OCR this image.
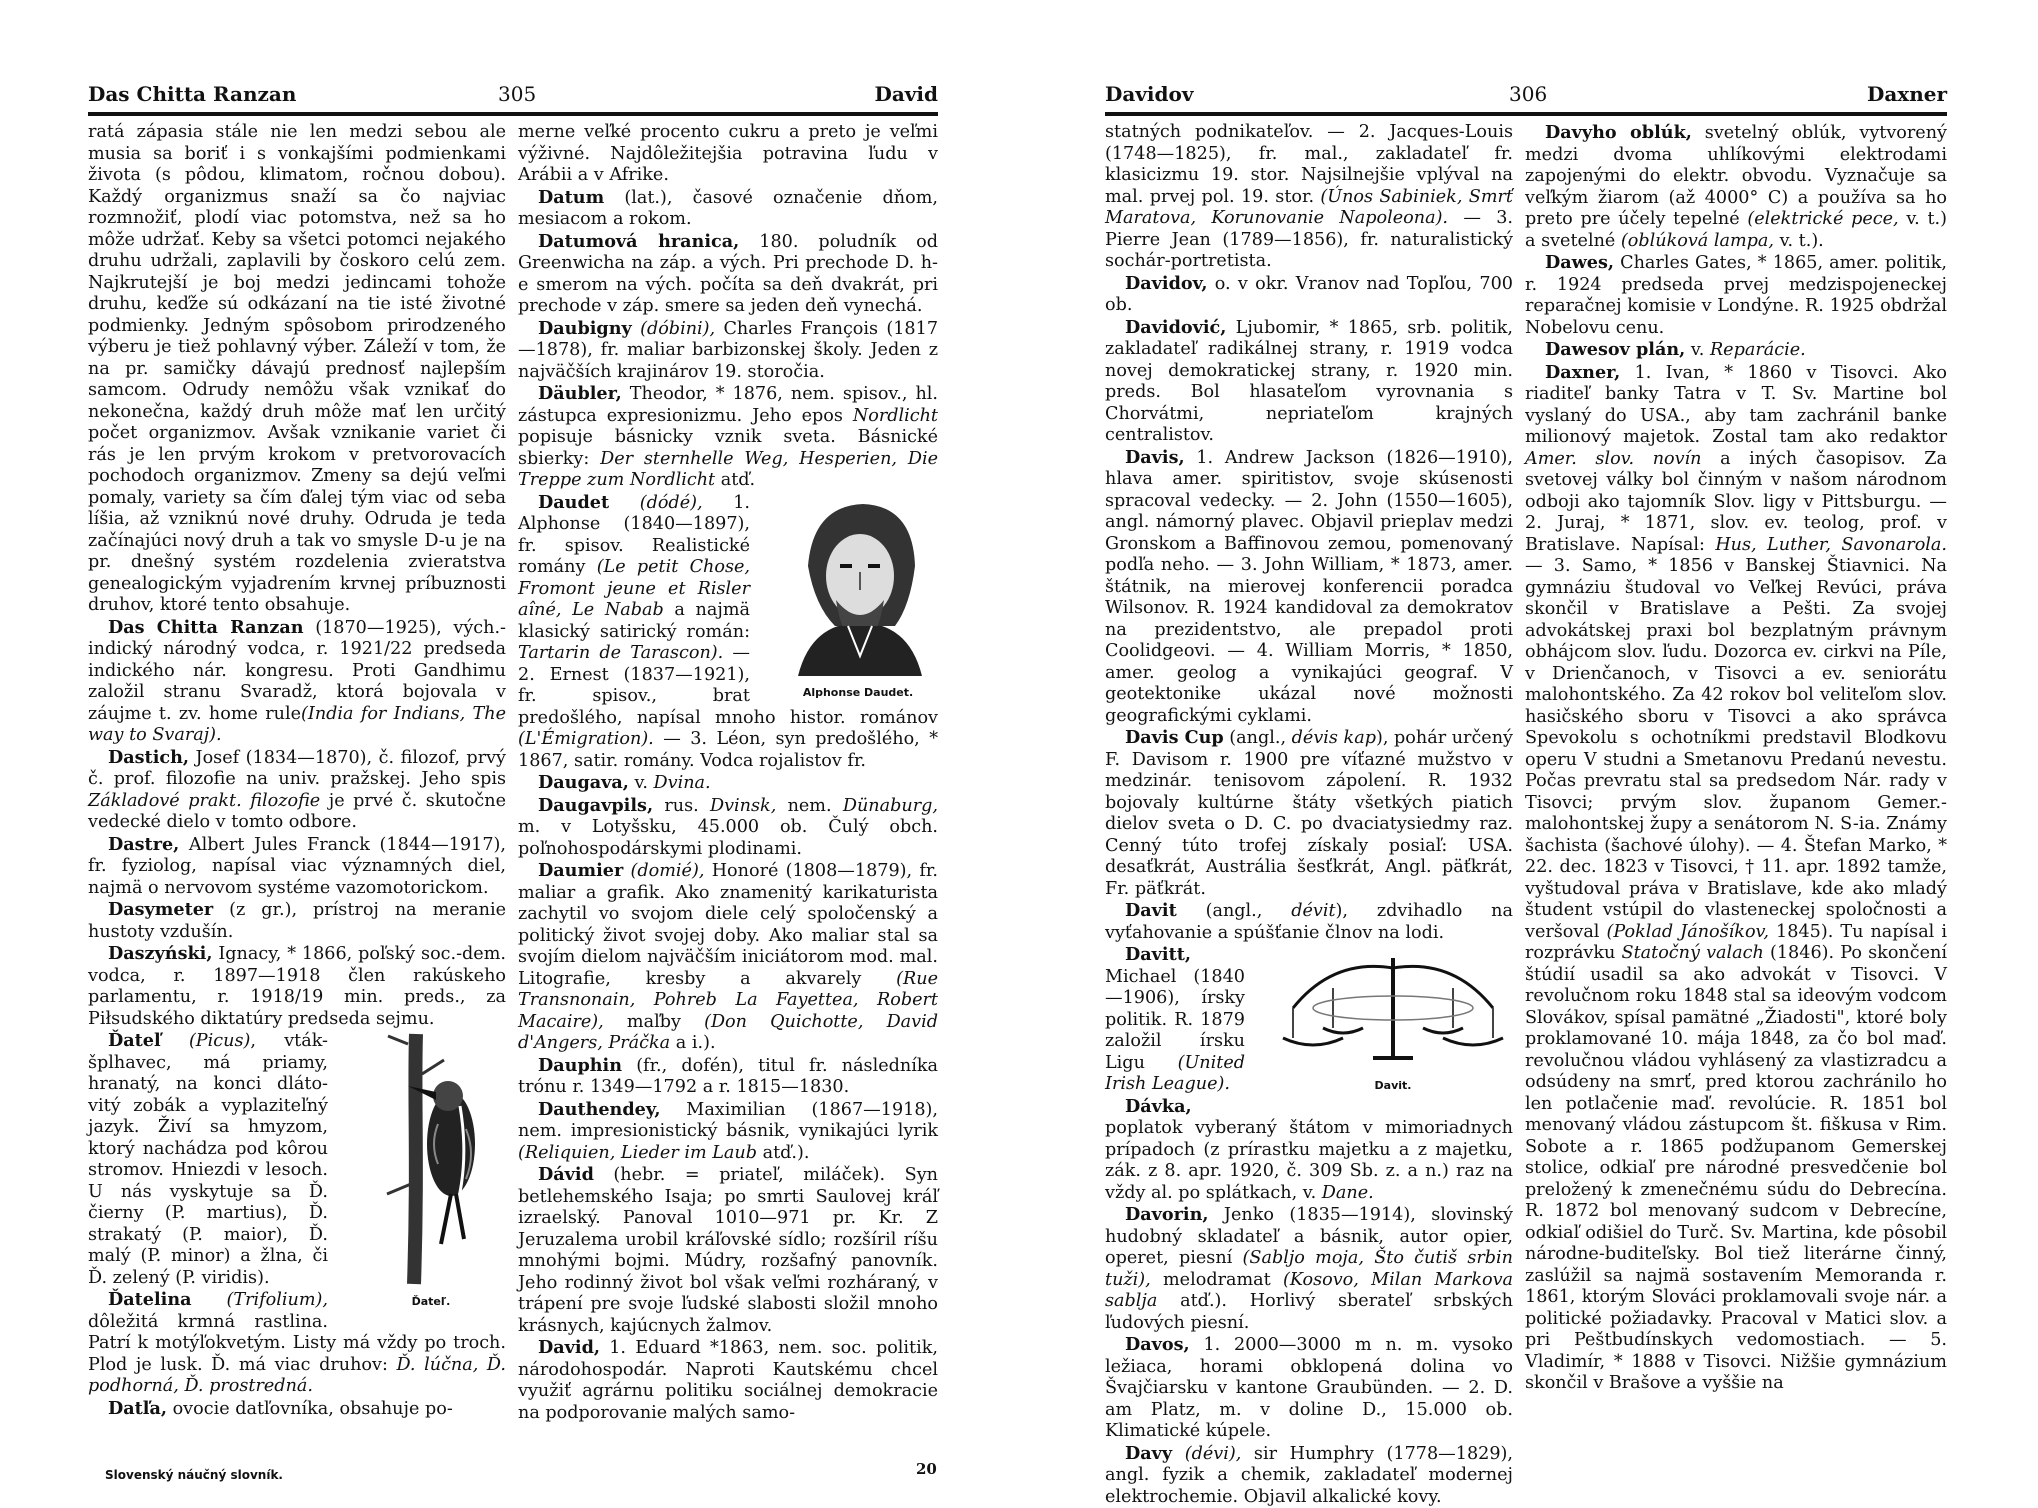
Das Chitta Ranzan	305	David

ratá zápasia stále nie len medzi sebou ale musia sa boriť i s vonkajšími podmienkami života (s pôdou, klimatom, ročnou dobou). Každý organizmus snaží sa čo najviac rozmnožiť, plodí viac potomstva, než sa ho môže udržať. Keby sa všetci potomci nejakého druhu udržali, zaplavili by čoskoro celú zem. Najkrutejší je boj medzi jedincami tohože druhu, keďže sú odkázaní na tie isté životné podmienky. Jedným spôsobom prirodzeného výberu je tiež pohlavný výber. Záleží v tom, že na pr. samičky dávajú prednosť najlepším samcom. Odrudy nemôžu však vznikať do nekonečna, každý druh môže mať len určitý počet organizmov. Avšak vznikanie variet či rás je len prvým krokom v pretvorovacích pochodoch organizmov. Zmeny sa dejú veľmi pomaly, variety sa čím ďalej tým viac od seba líšia, až vzniknú nové druhy. Odruda je teda začínajúci nový druh a tak vo smysle D-u je na pr. dnešný systém rozdelenia zvieratstva genealogickým vyjadrením krvnej príbuznosti druhov, ktoré tento obsahuje.

Das Chitta Ranzan (1870—1925), vých.-indický národný vodca, r. 1921/22 predseda indického nár. kongresu. Proti Gandhimu založil stranu Svaradž, ktorá bojovala v záujme t. zv. home rule(India for Indians, The way to Svaraj).

Dastich, Josef (1834—1870), č. filozof, prvý č. prof. filozofie na univ. pražskej. Jeho spis Základové prakt. filozofie je prvé č. skutočne vedecké dielo v tomto odbore.

Dastre, Albert Jules Franck (1844—1917), fr. fyziolog, napísal viac významných diel, najmä o nervovom systéme vazomotorickom.

Dasymeter (z gr.), prístroj na meranie hustoty vzdušín.

Daszyński, Ignacy, * 1866, poľský soc.-dem. vodca, r. 1897—1918 člen rakúskeho parlamentu, r. 1918/19 min. preds., za Piłsudského diktatúry predseda sejmu.

Ďateľ.
Ďateľ (Picus), vták-šplhavec, má priamy, hranatý, na konci dláto-vitý zobák a vyplaziteľný jazyk. Živí sa hmyzom, ktorý nachádza pod kôrou stromov. Hniezdi v lesoch. U nás vyskytuje sa Ď. čierny (P. martius), Ď. strakatý (P. maior), Ď. malý (P. minor) a žlna, či Ď. zelený (P. viridis).

Ďatelina (Trifolium), dôležitá krmná rastlina. Patrí k motýľokvetým. Listy má vždy po troch. Plod je lusk. Ď. má viac druhov: Ď. lúčna, Ď. podhorná, Ď. prostredná.

Datľa, ovocie datľovníka, obsahuje po-

merne veľké procento cukru a preto je veľmi výživné. Najdôležitejšia potravina ľudu v Arábii a v Afrike.

Datum (lat.), časové označenie dňom, mesiacom a rokom.

Datumová hranica, 180. poludník od Greenwicha na záp. a vých. Pri prechode D. h-e smerom na vých. počíta sa deň dvakrát, pri prechode v záp. smere sa jeden deň vynechá.

Daubigny (dóbini), Charles François (1817—1878), fr. maliar barbizonskej školy. Jeden z najväčších krajinárov 19. storočia.

Däubler, Theodor, * 1876, nem. spisov., hl. zástupca expresionizmu. Jeho epos Nordlicht popisuje básnicky vznik sveta. Básnické sbierky: Der sternhelle Weg, Hesperien, Die Treppe zum Nordlicht atď.

Alphonse Daudet.
Daudet (dódé), 1. Alphonse (1840—1897), fr. spisov. Realistické romány (Le petit Chose, Fromont jeune et Risler aîné, Le Nabab a najmä klasický satirický román: Tartarin de Tarascon). — 2. Ernest (1837—1921), fr. spisov., brat predošlého, napísal mnoho histor. románov (L'Émigration). — 3. Léon, syn predošlého, * 1867, satir. romány. Vodca rojalistov fr.

Daugava, v. Dvina.

Daugavpils, rus. Dvinsk, nem. Dünaburg, m. v Lotyšsku, 45.000 ob. Čulý obch. poľnohospodárskymi plodinami.

Daumier (domié), Honoré (1808—1879), fr. maliar a grafik. Ako znamenitý karikaturista zachytil vo svojom diele celý spoločenský a politický život svojej doby. Ako maliar stal sa svojím dielom najväčším iniciátorom mod. mal. Litografie, kresby a akvarely (Rue Transnonain, Pohreb La Fayettea, Robert Macaire), maľby (Don Quichotte, David d'Angers, Práčka a i.).

Dauphin (fr., dofén), titul fr. následníka trónu r. 1349—1792 a r. 1815—1830.

Dauthendey, Maximilian (1867—1918), nem. impresionistický básnik, vynikajúci lyrik (Reliquien, Lieder im Laub atď.).

Dávid (hebr. = priateľ, miláček). Syn betlehemského Isaja; po smrti Saulovej kráľ izraelský. Panoval 1010—971 pr. Kr. Z Jeruzalema urobil kráľovské sídlo; rozšíril ríšu mnohými bojmi. Múdry, rozšafný panovník. Jeho rodinný život bol však veľmi rozháraný, v trápení pre svoje ľudské slabosti složil mnoho krásnych, kajúcnych žalmov.

David, 1. Eduard *1863, nem. soc. politik, národohospodár. Naproti Kautskému chcel využiť agrárnu politiku sociálnej demokracie na podporovanie malých samo-

Slovenský náučný slovník.	20
Davidov	306	Daxner

statných podnikateľov. — 2. Jacques-Louis (1748—1825), fr. mal., zakladateľ fr. klasicizmu 19. stor. Najsilnejšie vplýval na mal. prvej pol. 19. stor. (Únos Sabiniek, Smrť Maratova, Korunovanie Napoleona). — 3. Pierre Jean (1789—1856), fr. naturalistický sochár-portretista.

Davidov, o. v okr. Vranov nad Topľou, 700 ob.

Davidović, Ljubomir, * 1865, srb. politik, zakladateľ radikálnej strany, r. 1919 vodca novej demokratickej strany, r. 1920 min. preds. Bol hlasateľom vyrovnania s Chorvátmi, nepriateľom krajných centralistov.

Davis, 1. Andrew Jackson (1826—1910), hlava amer. spiritistov, svoje skúsenosti spracoval vedecky. — 2. John (1550—1605), angl. námorný plavec. Objavil prieplav medzi Gronskom a Baffinovou zemou, pomenovaný podľa neho. — 3. John William, * 1873, amer. štátnik, na mierovej konferencii poradca Wilsonov. R. 1924 kandidoval za demokratov na prezidentstvo, ale prepadol proti Coolidgeovi. — 4. William Morris, * 1850, amer. geolog a vynikajúci geograf. V geotektonike ukázal nové možnosti geografickými cyklami.

Davis Cup (angl., dévis kap), pohár určený F. Davisom r. 1900 pre víťazné mužstvo v medzinár. tenisovom zápolení. R. 1932 bojovaly kultúrne štáty všetkých piatich dielov sveta o D. C. po dvaciatysiedmy raz. Cenný túto trofej získaly posiaľ: USA. desaťkrát, Austrália šesťkrát, Angl. päťkrát, Fr. päťkrát.

Davit (angl., dévit), zdvihadlo na vyťahovanie a spúšťanie člnov na lodi.

Davit.
Davitt, Michael (1840—1906), írsky politik. R. 1879 založil írsku Ligu (United Irish League).

Dávka, poplatok vyberaný štátom v mimoriadnych prípadoch (z prírastku majetku a z majetku, zák. z 8. apr. 1920, č. 309 Sb. z. a n.) raz na vždy al. po splátkach, v. Dane.

Davorin, Jenko (1835—1914), slovinský hudobný skladateľ a básnik, autor opier, operet, piesní (Sabljo moja, Što čutiš srbin tuži), melodramat (Kosovo, Milan Markova sablja atď.). Horlivý sberateľ srbských ľudových piesní.

Davos, 1. 2000—3000 m n. m. vysoko ležiaca, horami obklopená dolina vo Švajčiarsku v kantone Graubünden. — 2. D. am Platz, m. v doline D., 15.000 ob. Klimatické kúpele.

Davy (dévi), sir Humphry (1778—1829), angl. fyzik a chemik, zakladateľ modernej elektrochemie. Objavil alkalické kovy.

Davyho oblúk, svetelný oblúk, vytvorený medzi dvoma uhlíkovými elektrodami zapojenými do elektr. obvodu. Vyznačuje sa veľkým žiarom (až 4000° C) a používa sa ho preto pre účely tepelné (elektrické pece, v. t.) a svetelné (oblúková lampa, v. t.).

Dawes, Charles Gates, * 1865, amer. politik, r. 1924 predseda prvej medzispojeneckej reparačnej komisie v Londýne. R. 1925 obdržal Nobelovu cenu.

Dawesov plán, v. Reparácie.

Daxner, 1. Ivan, * 1860 v Tisovci. Ako riaditeľ banky Tatra v T. Sv. Martine bol vyslaný do USA., aby tam zachránil banke milionový majetok. Zostal tam ako redaktor Amer. slov. novín a iných časopisov. Za svetovej války bol činným v našom národnom odboji ako tajomník Slov. ligy v Pittsburgu. — 2. Juraj, * 1871, slov. ev. teolog, prof. v Bratislave. Napísal: Hus, Luther, Savonarola. — 3. Samo, * 1856 v Banskej Štiavnici. Na gymnáziu študoval vo Veľkej Revúci, práva skončil v Bratislave a Pešti. Za svojej advokátskej praxi bol bezplatným právnym obhájcom slov. ľudu. Dozorca ev. cirkvi na Píle, v Drienčanoch, v Tisovci a ev. seniorátu malohontského. Za 42 rokov bol veliteľom slov. hasičského sboru v Tisovci a ako správca Spevokolu s ochotníkmi predstavil Blodkovu operu V studni a Smetanovu Predanú nevestu. Počas prevratu stal sa predsedom Nár. rady v Tisovci; prvým slov. županom Gemer.-malohontskej župy a senátorom N. S-ia. Známy šachista (šachové úlohy). — 4. Štefan Marko, * 22. dec. 1823 v Tisovci, † 11. apr. 1892 tamže, vyštudoval práva v Bratislave, kde ako mladý študent vstúpil do vlasteneckej spoločnosti a veršoval (Poklad Jánošíkov, 1845). Tu napísal i rozprávku Statočný valach (1846). Po skončení štúdií usadil sa ako advokát v Tisovci. V revolučnom roku 1848 stal sa ideovým vodcom Slovákov, spísal pamätné „Žiadosti", ktoré boly proklamované 10. mája 1848, za čo bol maď. revolučnou vládou vyhlásený za vlastizradcu a odsúdeny na smrť, pred ktorou zachránilo ho len potlačenie maď. revolúcie. R. 1851 bol menovaný vládou zástupcom št. fiškusa v Rim. Sobote a r. 1865 podžupanom Gemerskej stolice, odkiaľ pre národné presvedčenie bol preložený k zmenečnému súdu do Debrecína. R. 1872 bol menovaný sudcom v Debrecíne, odkiaľ odišiel do Turč. Sv. Martina, kde pôsobil národne-buditeľsky. Bol tiež literárne činný, zaslúžil sa najmä sostavením Memoranda r. 1861, ktorým Slováci proklamovali svoje nár. a politické požiadavky. Pracoval v Matici slov. a pri Peštbudínskych vedomostiach. — 5. Vladimír, * 1888 v Tisovci. Nižšie gymnázium skončil v Brašove a vyššie na
